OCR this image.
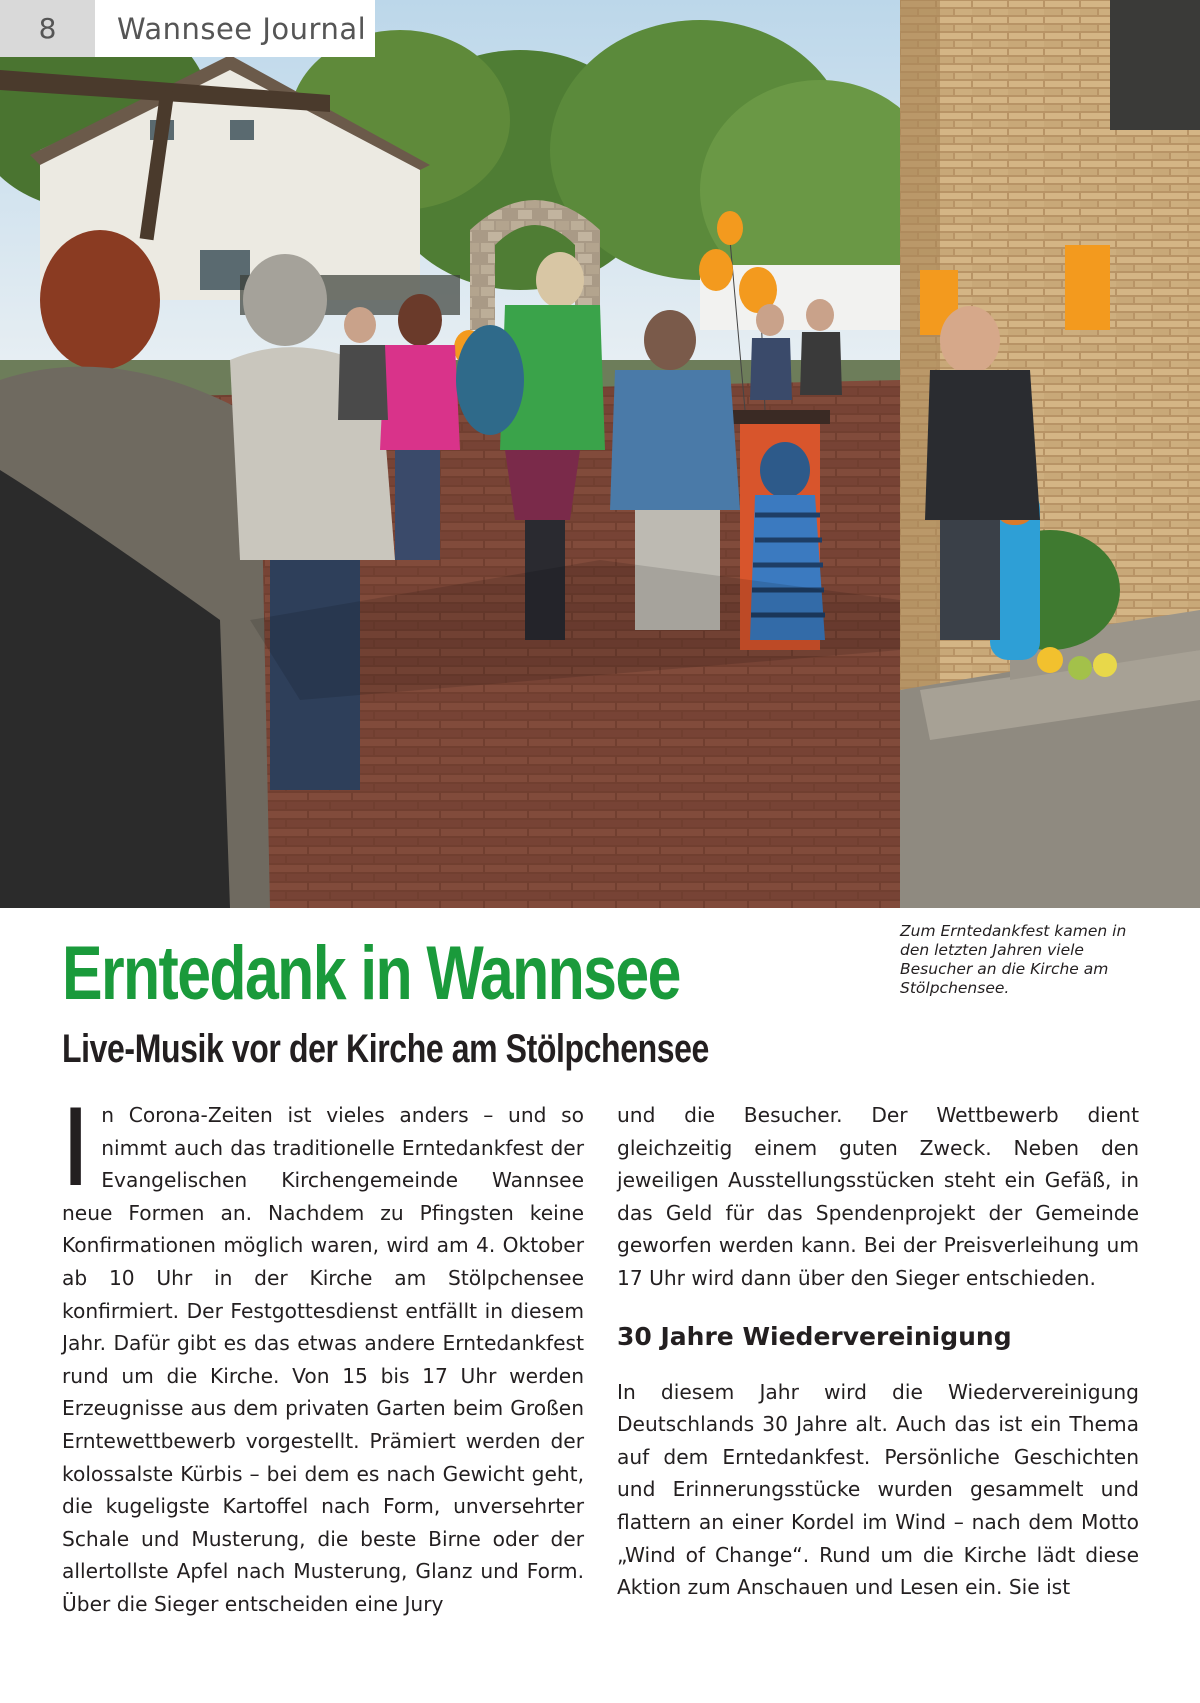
8	Wannsee Journal
Zum Erntedankfest kamen in den letzten Jahren viele Besucher an die Kirche am Stölpchensee.
Erntedank in Wannsee
Live-Musik vor der Kirche am Stölpchensee
I n Corona-Zeiten ist vieles anders – und so nimmt auch das traditionelle Erntedankfest der Evangelischen Kirchengemeinde Wannsee neue Formen an. Nachdem zu Pfingsten keine Konfirmationen möglich waren, wird am 4. Oktober ab 10 Uhr in der Kirche am Stölpchensee konfirmiert. Der Festgottesdienst entfällt in diesem Jahr. Dafür gibt es das etwas andere Erntedankfest rund um die Kirche. Von 15 bis 17 Uhr werden Erzeugnisse aus dem privaten Garten beim Großen Erntewettbewerb vorgestellt. Prämiert werden der kolossalste Kürbis – bei dem es nach Gewicht geht, die kugeligste Kartoffel nach Form, unversehrter Schale und Musterung, die beste Birne oder der allertollste Apfel nach Musterung, Glanz und Form. Über die Sieger entscheiden eine Jury
und die Besucher. Der Wettbewerb dient gleichzeitig einem guten Zweck. Neben den jeweiligen Ausstellungsstücken steht ein Gefäß, in das Geld für das Spendenprojekt der Gemeinde geworfen werden kann. Bei der Preisverleihung um 17 Uhr wird dann über den Sieger entschieden.
30 Jahre Wiedervereinigung
In diesem Jahr wird die Wiedervereinigung Deutschlands 30 Jahre alt. Auch das ist ein Thema auf dem Erntedankfest. Persönliche Geschichten und Erinnerungsstücke wurden gesammelt und flattern an einer Kordel im Wind – nach dem Motto „Wind of Change“. Rund um die Kirche lädt diese Aktion zum Anschauen und Lesen ein. Sie ist
